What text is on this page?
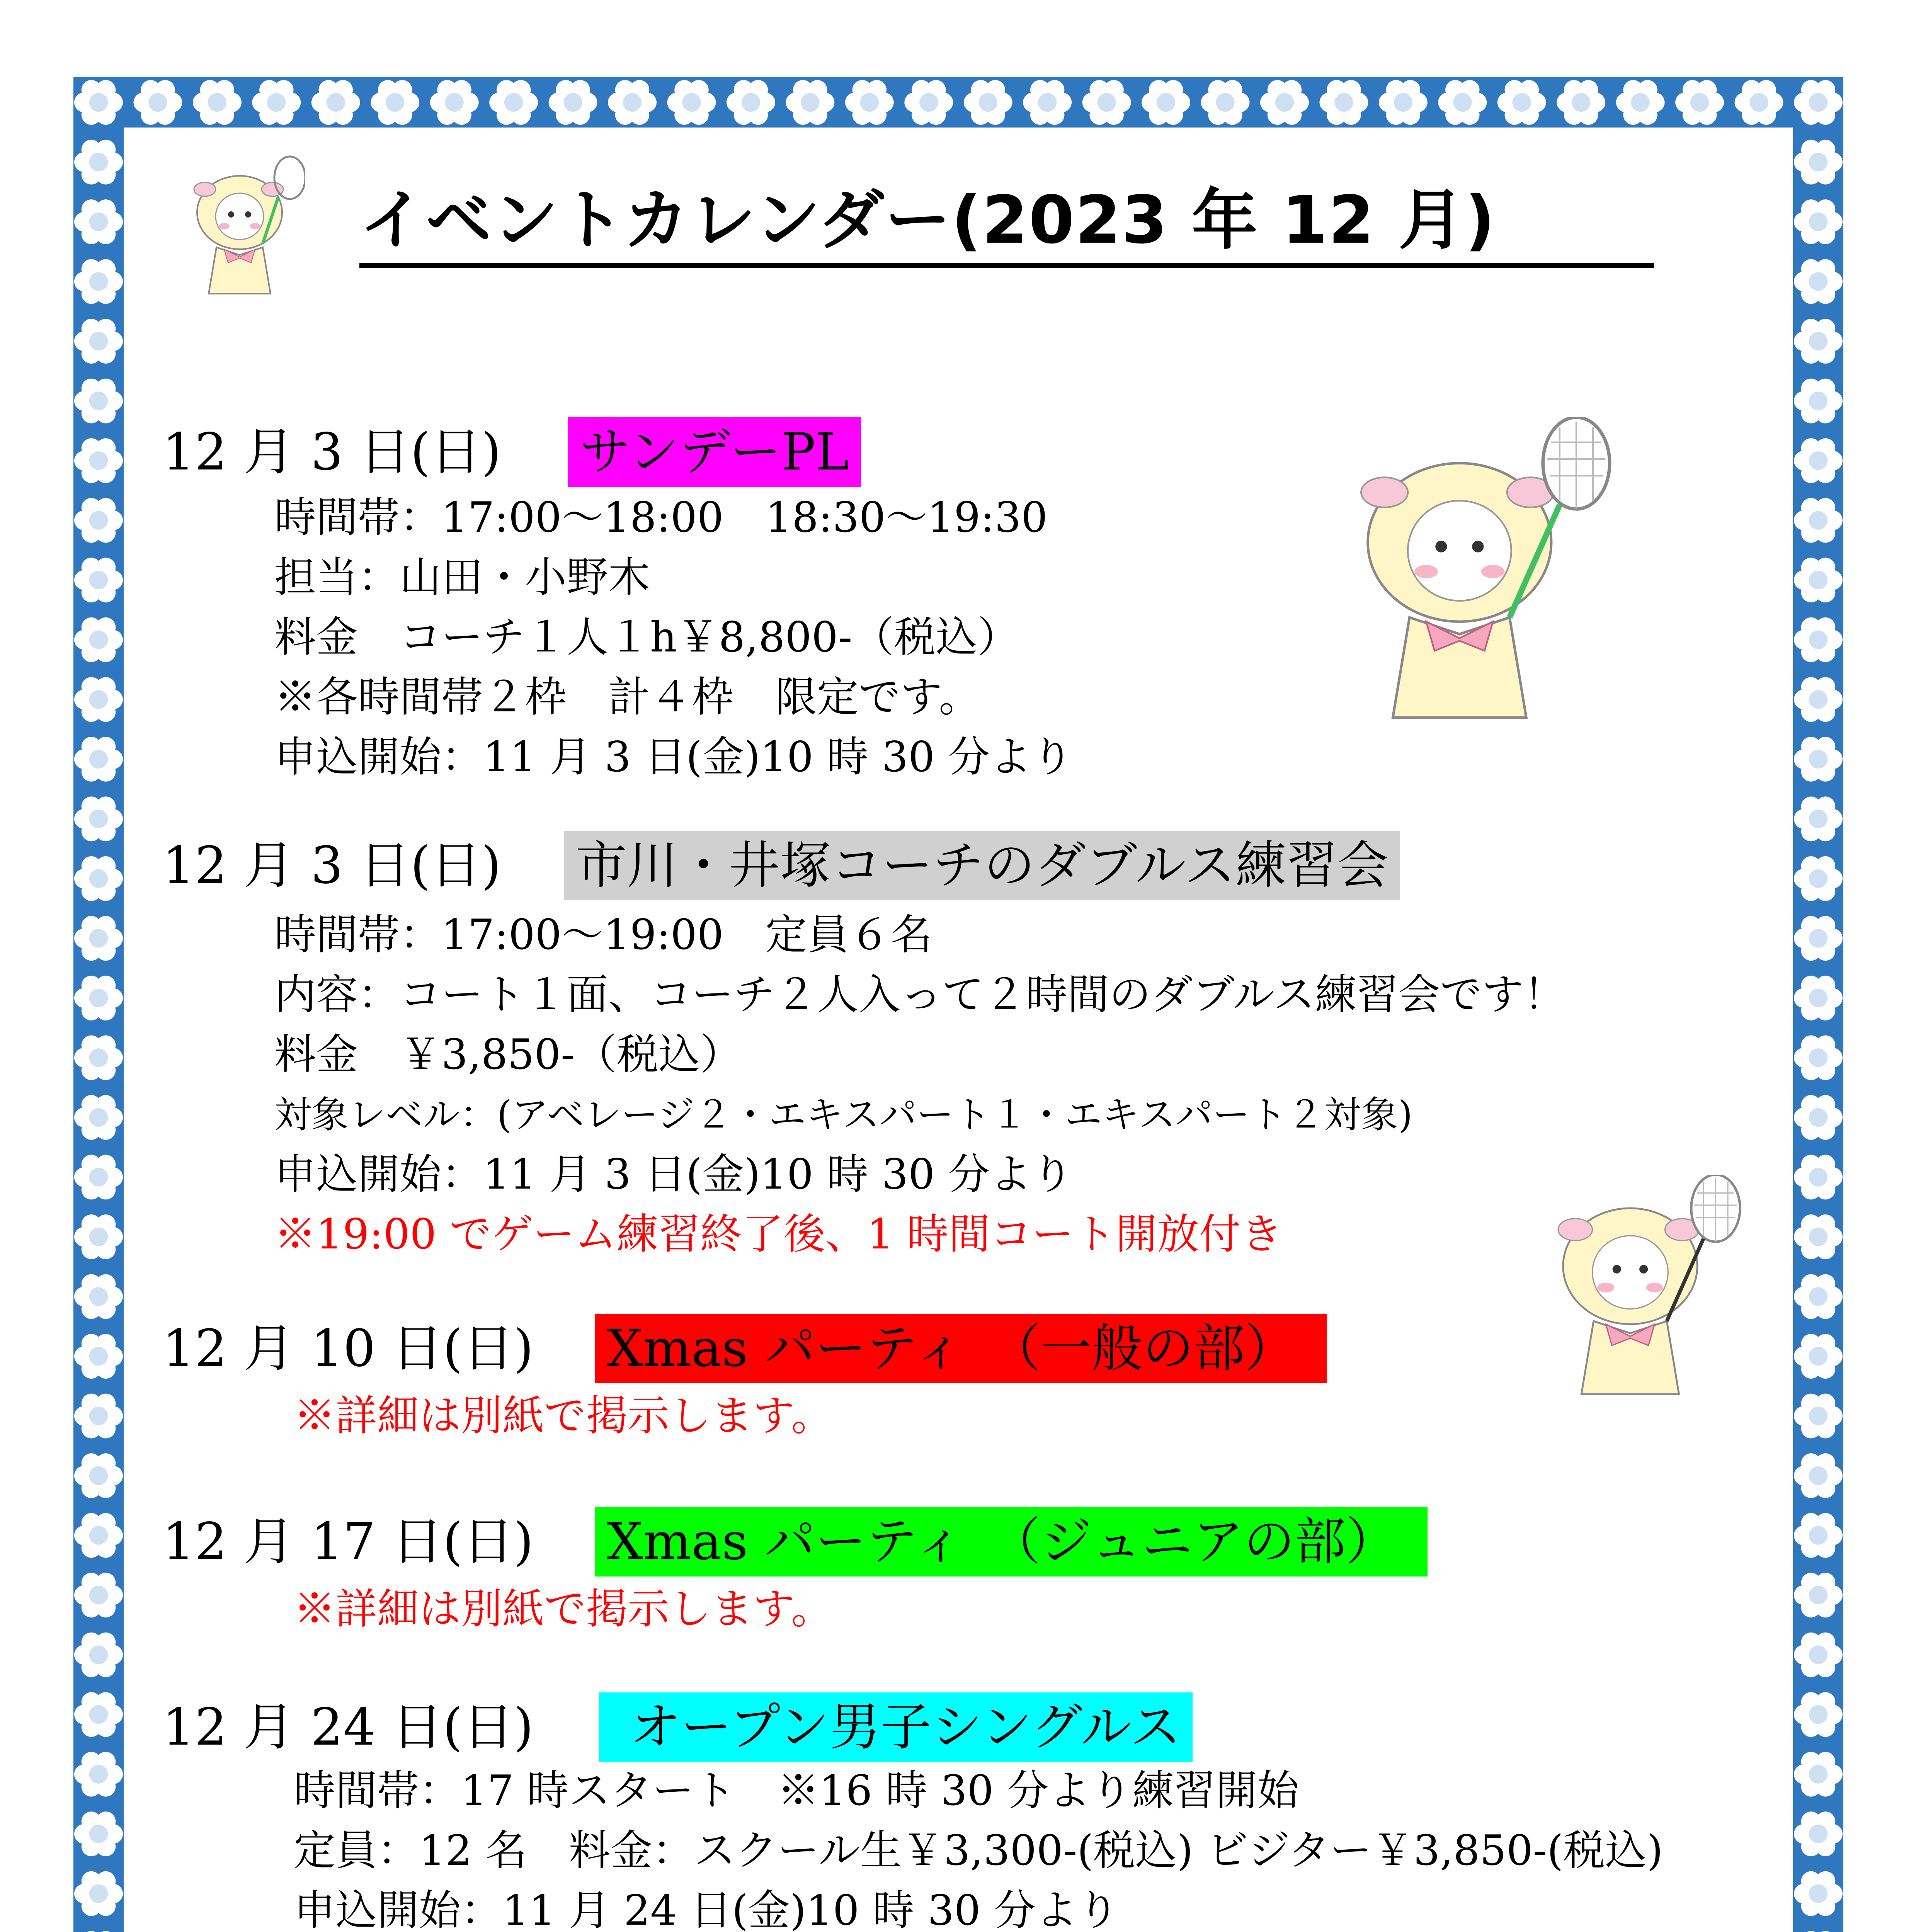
イベントカレンダー(2023 年 12 月)
12 月 3 日(日) サンデーPL
時間帯：17:00～18:00　18:30～19:30
担当：山田・小野木
料金　コーチ１人１h￥8,800-（税込）
※各時間帯２枠　計４枠　限定です。
申込開始：11 月 3 日(金)10 時 30 分より
12 月 3 日(日) 市川・井塚コーチのダブルス練習会
時間帯：17:00～19:00　定員６名
内容：コート１面、コーチ２人入って２時間のダブルス練習会です！
料金　￥3,850-（税込）
対象レベル：(アベレージ２・エキスパート１・エキスパート２対象)
申込開始：11 月 3 日(金)10 時 30 分より
※19:00 でゲーム練習終了後、1 時間コート開放付き
12 月 10 日(日) Xmas パーティ　（一般の部）
※詳細は別紙で掲示します。
12 月 17 日(日) Xmas パーティ　（ジュニアの部）
※詳細は別紙で掲示します。
12 月 24 日(日)	オープン男子シングルス
時間帯：17 時スタート　※16 時 30 分より練習開始
定員：12 名　料金：スクール生￥3,300-(税込) ビジター￥3,850-(税込)
申込開始：11 月 24 日(金)10 時 30 分より
